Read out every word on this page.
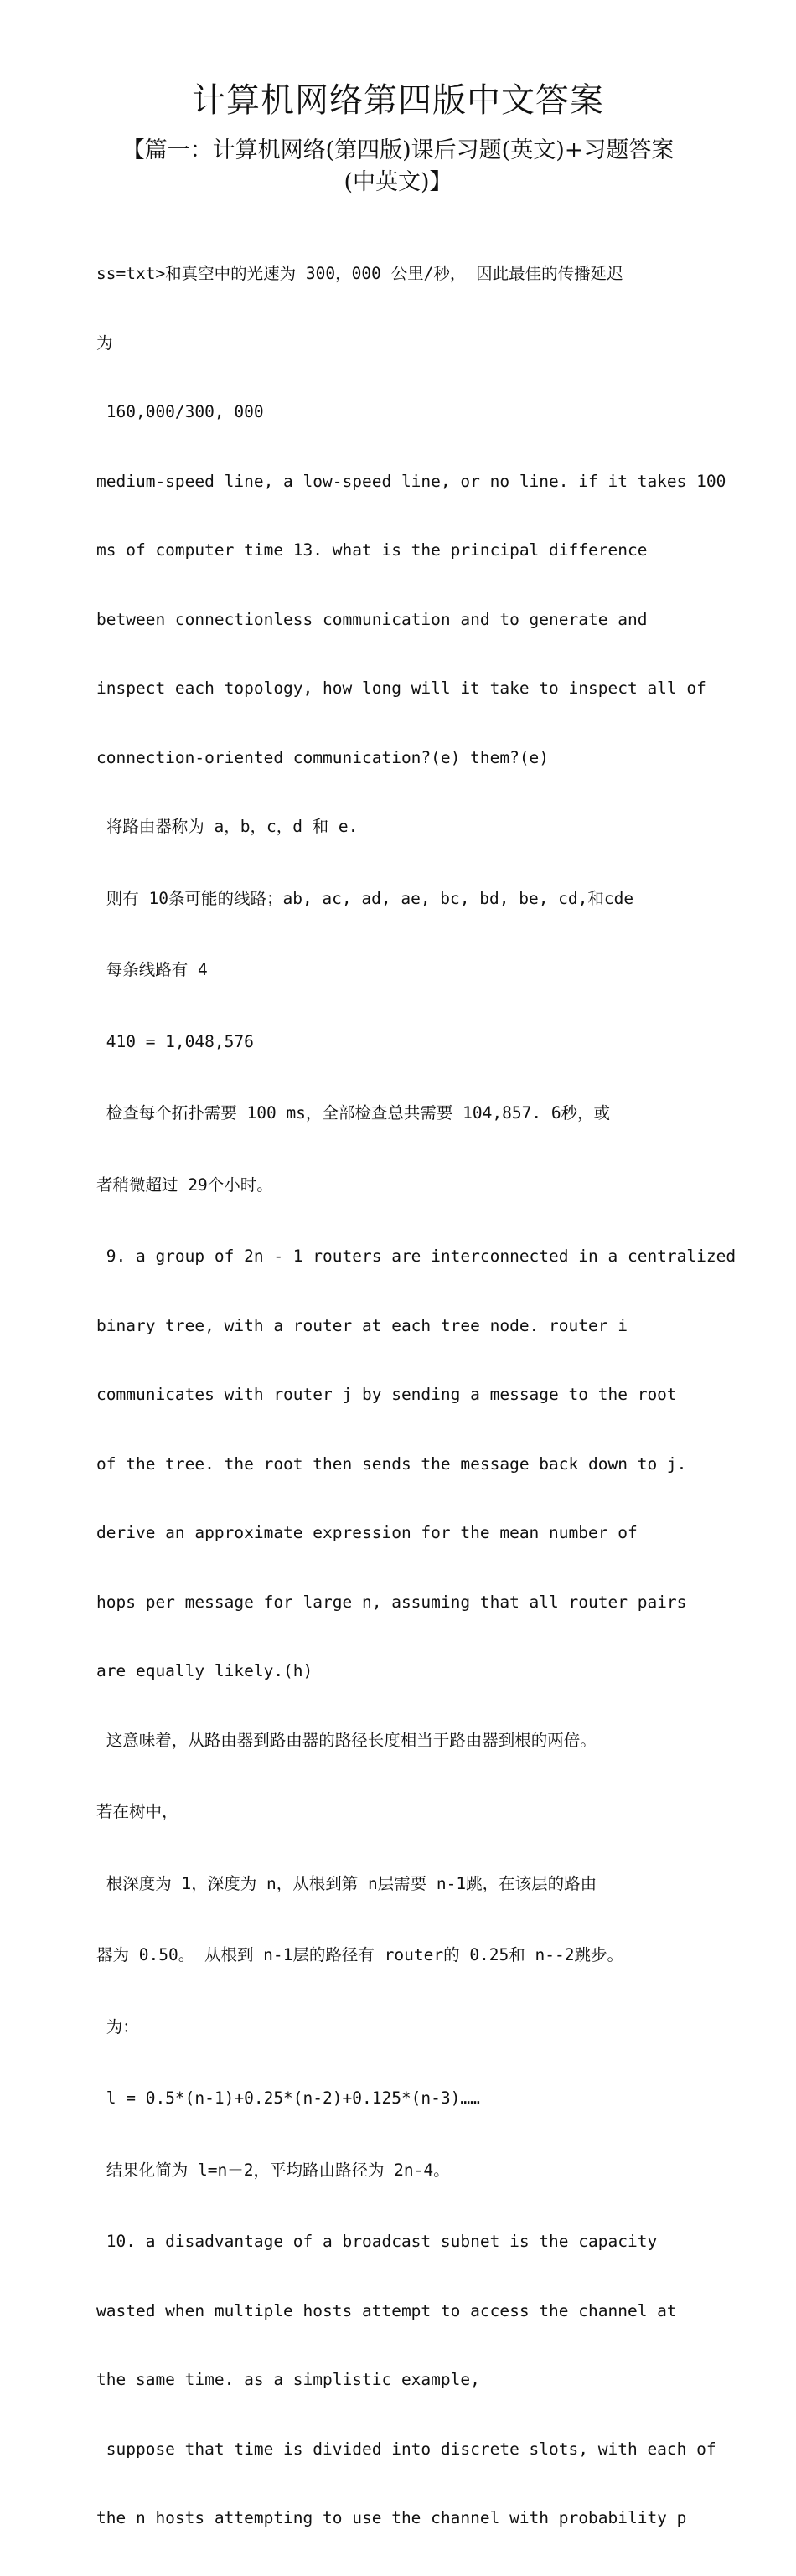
计算机网络第四版中文答案
【篇一：计算机网络(第四版)课后习题(英文)+习题答案
(中英文)】

ss=txt>和真空中的光速为 300，000 公里/秒， 因此最佳的传播延迟

为

160,000/300, 000

medium-speed line, a low-speed line, or no line. if it takes 100

ms of computer time 13. what is the principal difference

between connectionless communication and to generate and

inspect each topology, how long will it take to inspect all of

connection-oriented communication?(e) them?(e)

将路由器称为 a，b，c，d 和 e.

则有 10条可能的线路；ab, ac, ad, ae, bc, bd, be, cd,和cde

每条线路有 4

410 = 1,048,576

检查每个拓扑需要 100 ms，全部检查总共需要 104,857. 6秒，或

者稍微超过 29个小时。

9. a group of 2n - 1 routers are interconnected in a centralized

binary tree, with a router at each tree node. router i

communicates with router j by sending a message to the root

of the tree. the root then sends the message back down to j.

derive an approximate expression for the mean number of

hops per message for large n, assuming that all router pairs

are equally likely.(h)

这意味着，从路由器到路由器的路径长度相当于路由器到根的两倍。

若在树中，

根深度为 1，深度为 n，从根到第 n层需要 n-1跳，在该层的路由

器为 0.50。 从根到 n-1层的路径有 router的 0.25和 n--2跳步。

为：

l = 0.5*(n-1)+0.25*(n-2)+0.125*(n-3)……

结果化简为 l=n－2，平均路由路径为 2n-4。

10. a disadvantage of a broadcast subnet is the capacity

wasted when multiple hosts attempt to access the channel at

the same time. as a simplistic example,

suppose that time is divided into discrete slots, with each of

the n hosts attempting to use the channel with probability p
